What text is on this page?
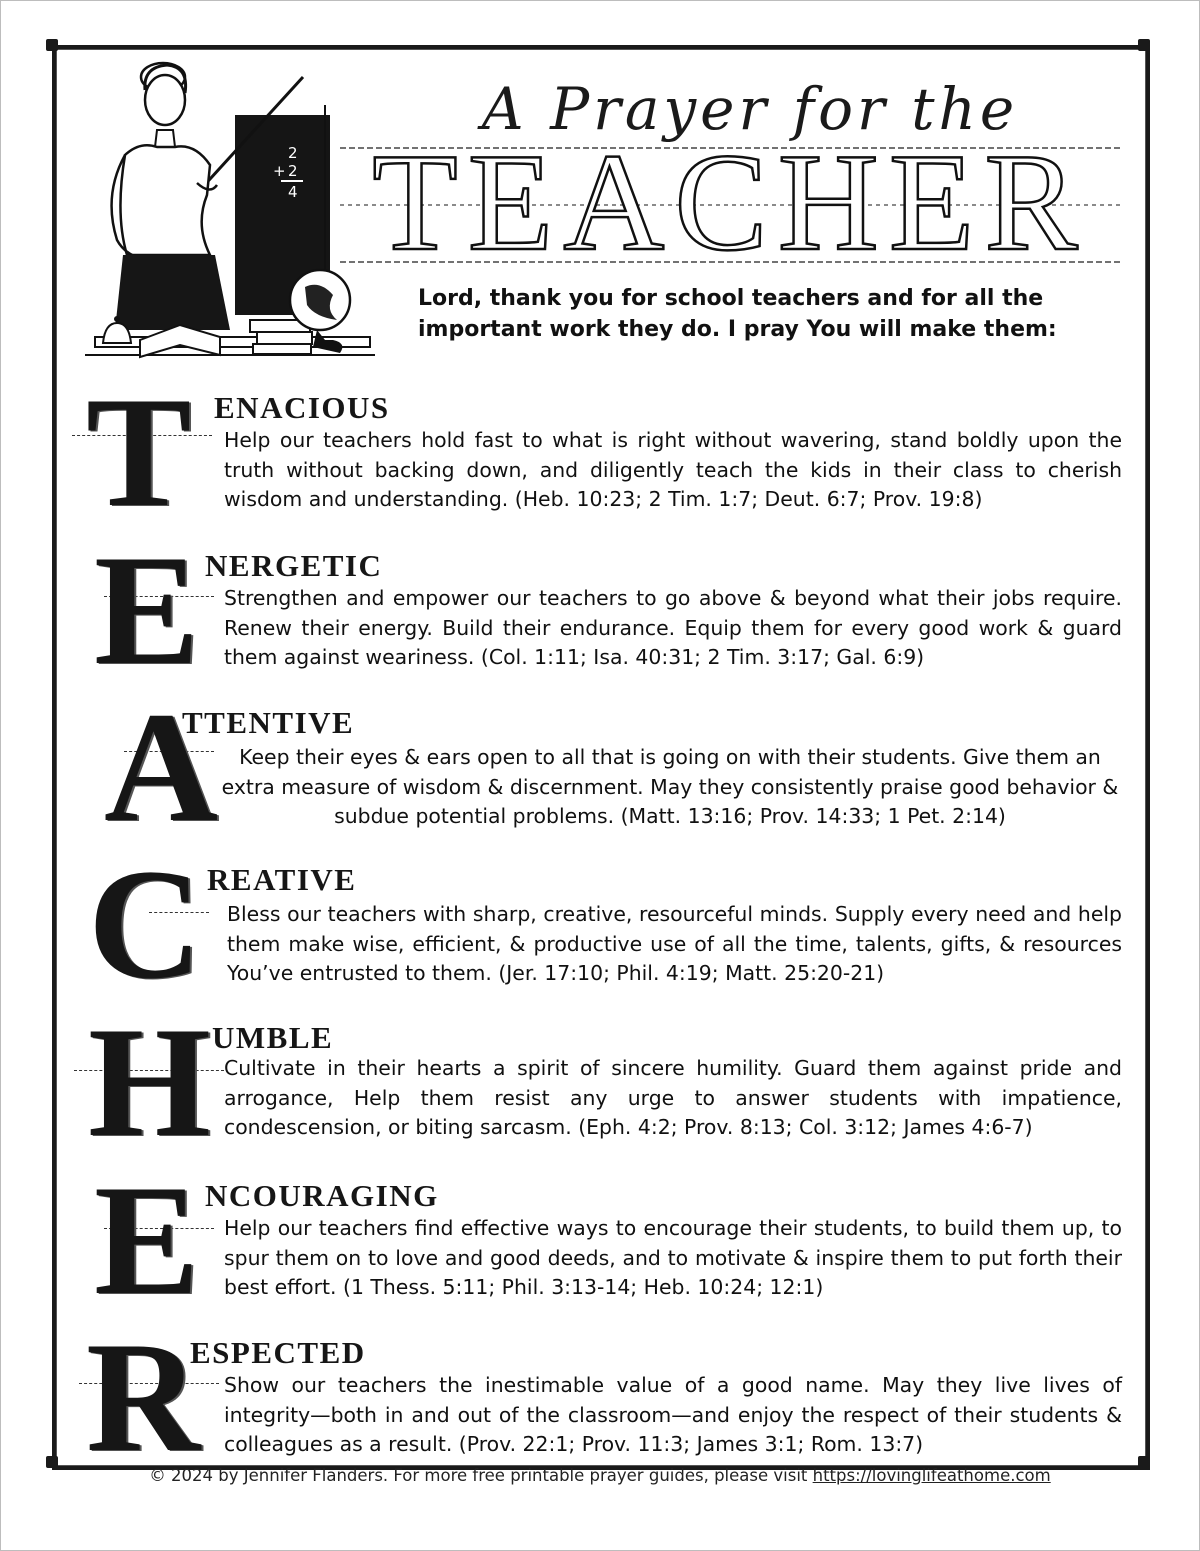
2
+ 2
4
A Prayer for the
TEACHER
Lord, thank you for school teachers and for all the important work they do. I pray You will make them:
T ENACIOUS
Help our teachers hold fast to what is right without wavering, stand boldly upon the truth without backing down, and diligently teach the kids in their class to cherish wisdom and understanding. (Heb. 10:23; 2 Tim. 1:7; Deut. 6:7; Prov. 19:8)
E NERGETIC
Strengthen and empower our teachers to go above & beyond what their jobs require. Renew their energy. Build their endurance. Equip them for every good work & guard them against weariness. (Col. 1:11; Isa. 40:31; 2 Tim. 3:17; Gal. 6:9)
A
TTENTIVE
Keep their eyes & ears open to all that is going on with their students. Give them an extra measure of wisdom & discernment. May they consistently praise good behavior & subdue potential problems. (Matt. 13:16; Prov. 14:33; 1 Pet. 2:14)
C REATIVE
Bless our teachers with sharp, creative, resourceful minds. Supply every need and help them make wise, efficient, & productive use of all the time, talents, gifts, & resources You’ve entrusted to them. (Jer. 17:10; Phil. 4:19; Matt. 25:20-21)
H UMBLE
Cultivate in their hearts a spirit of sincere humility. Guard them against pride and arrogance, Help them resist any urge to answer students with impatience, condescension, or biting sarcasm. (Eph. 4:2; Prov. 8:13; Col. 3:12; James 4:6-7)
E NCOURAGING
Help our teachers find effective ways to encourage their students, to build them up, to spur them on to love and good deeds, and to motivate & inspire them to put forth their best effort. (1 Thess. 5:11; Phil. 3:13-14; Heb. 10:24; 12:1)
R
ESPECTED
Show our teachers the inestimable value of a good name. May they live lives of integrity—both in and out of the classroom—and enjoy the respect of their students & colleagues as a result. (Prov. 22:1; Prov. 11:3; James 3:1; Rom. 13:7)
© 2024 by Jennifer Flanders. For more free printable prayer guides, please visit https://lovinglifeathome.com
